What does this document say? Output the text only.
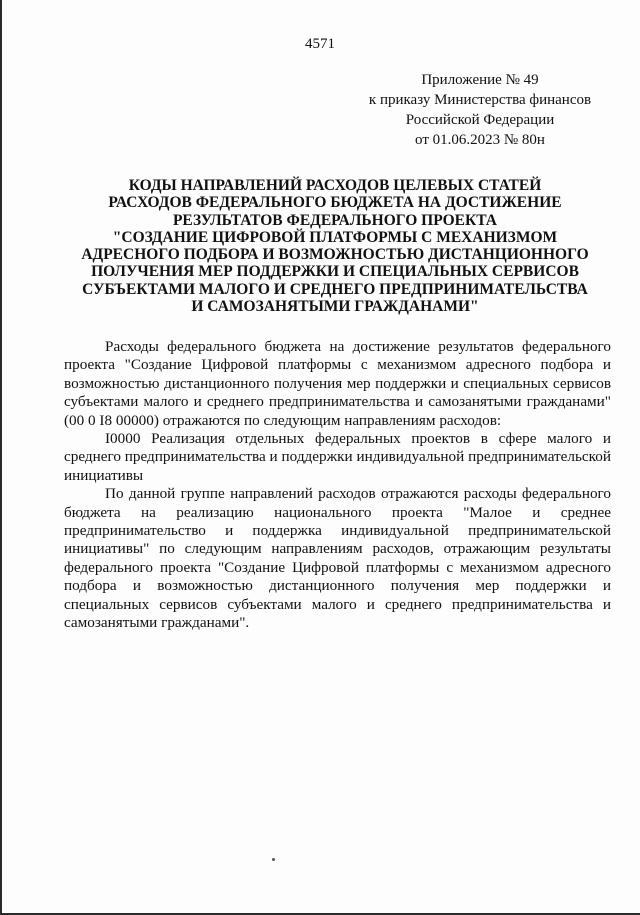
4571
Приложение № 49
к приказу Министерства финансов
Российской Федерации
от 01.06.2023 № 80н
КОДЫ НАПРАВЛЕНИЙ РАСХОДОВ ЦЕЛЕВЫХ СТАТЕЙ
РАСХОДОВ ФЕДЕРАЛЬНОГО БЮДЖЕТА НА ДОСТИЖЕНИЕ
РЕЗУЛЬТАТОВ ФЕДЕРАЛЬНОГО ПРОЕКТА
"СОЗДАНИЕ ЦИФРОВОЙ ПЛАТФОРМЫ С МЕХАНИЗМОМ
АДРЕСНОГО ПОДБОРА И ВОЗМОЖНОСТЬЮ ДИСТАНЦИОННОГО
ПОЛУЧЕНИЯ МЕР ПОДДЕРЖКИ И СПЕЦИАЛЬНЫХ СЕРВИСОВ
СУБЪЕКТАМИ МАЛОГО И СРЕДНЕГО ПРЕДПРИНИМАТЕЛЬСТВА
И САМОЗАНЯТЫМИ ГРАЖДАНАМИ"

Расходы федерального бюджета на достижение результатов федерального проекта "Создание Цифровой платформы с механизмом адресного подбора и возможностью дистанционного получения мер поддержки и специальных сервисов субъектами малого и среднего предпринимательства и самозанятыми гражданами" (00 0 I8 00000) отражаются по следующим направлениям расходов:

I0000 Реализация отдельных федеральных проектов в сфере малого и среднего предпринимательства и поддержки индивидуальной предпринимательской инициативы

По данной группе направлений расходов отражаются расходы федерального бюджета на реализацию национального проекта "Малое и среднее предпринимательство и поддержка индивидуальной предпринимательской инициативы" по следующим направлениям расходов, отражающим результаты федерального проекта "Создание Цифровой платформы с механизмом адресного подбора и возможностью дистанционного получения мер поддержки и специальных сервисов субъектами малого и среднего предпринимательства и самозанятыми гражданами".
